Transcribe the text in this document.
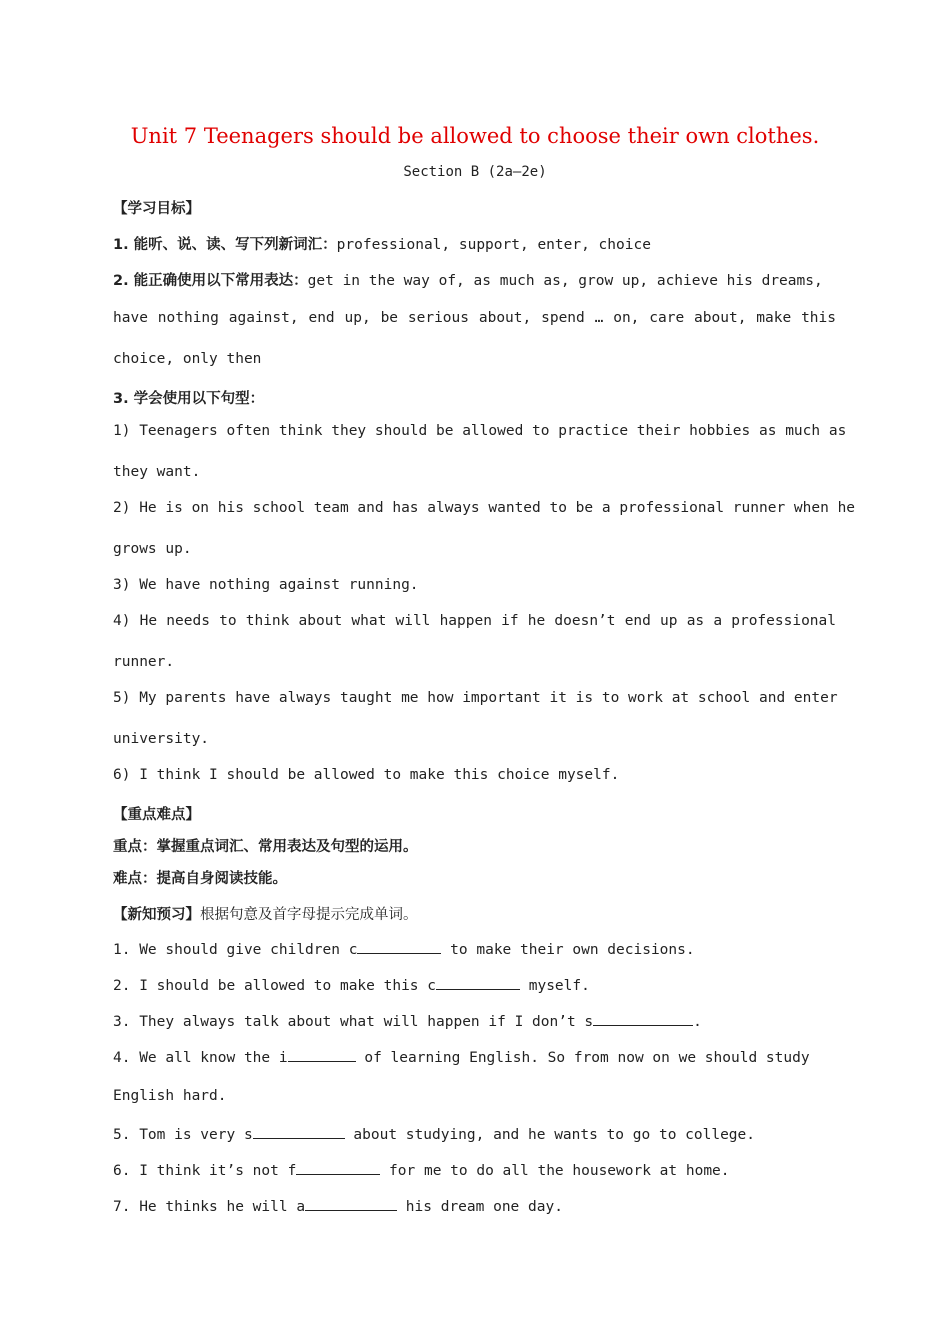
Unit 7 Teenagers should be allowed to choose their own clothes.
Section B (2a—2e)
【学习目标】
1. 能听、说、读、写下列新词汇：professional, support, enter, choice
2. 能正确使用以下常用表达：get in the way of, as much as, grow up, achieve his dreams,
have nothing against, end up, be serious about, spend … on, care about, make this
choice, only then
3. 学会使用以下句型：
1) Teenagers often think they should be allowed to practice their hobbies as much as
they want.
2) He is on his school team and has always wanted to be a professional runner when he
grows up.
3) We have nothing against running.
4) He needs to think about what will happen if he doesn’t end up as a professional
runner.
5) My parents have always taught me how important it is to work at school and enter
university.
6) I think I should be allowed to make this choice myself.
【重点难点】
重点：掌握重点词汇、常用表达及句型的运用。
难点：提高自身阅读技能。
【新知预习】根据句意及首字母提示完成单词。
1. We should give children c	to make their own decisions.
2. I should be allowed to make this c	myself.
3. They always talk about what will happen if I don’t s	.
4. We all know the i	of learning English. So from now on we should study
English hard.
5. Tom is very s	about studying, and he wants to go to college.
6. I think it’s not f	for me to do all the housework at home.
7. He thinks he will a	his dream one day.
